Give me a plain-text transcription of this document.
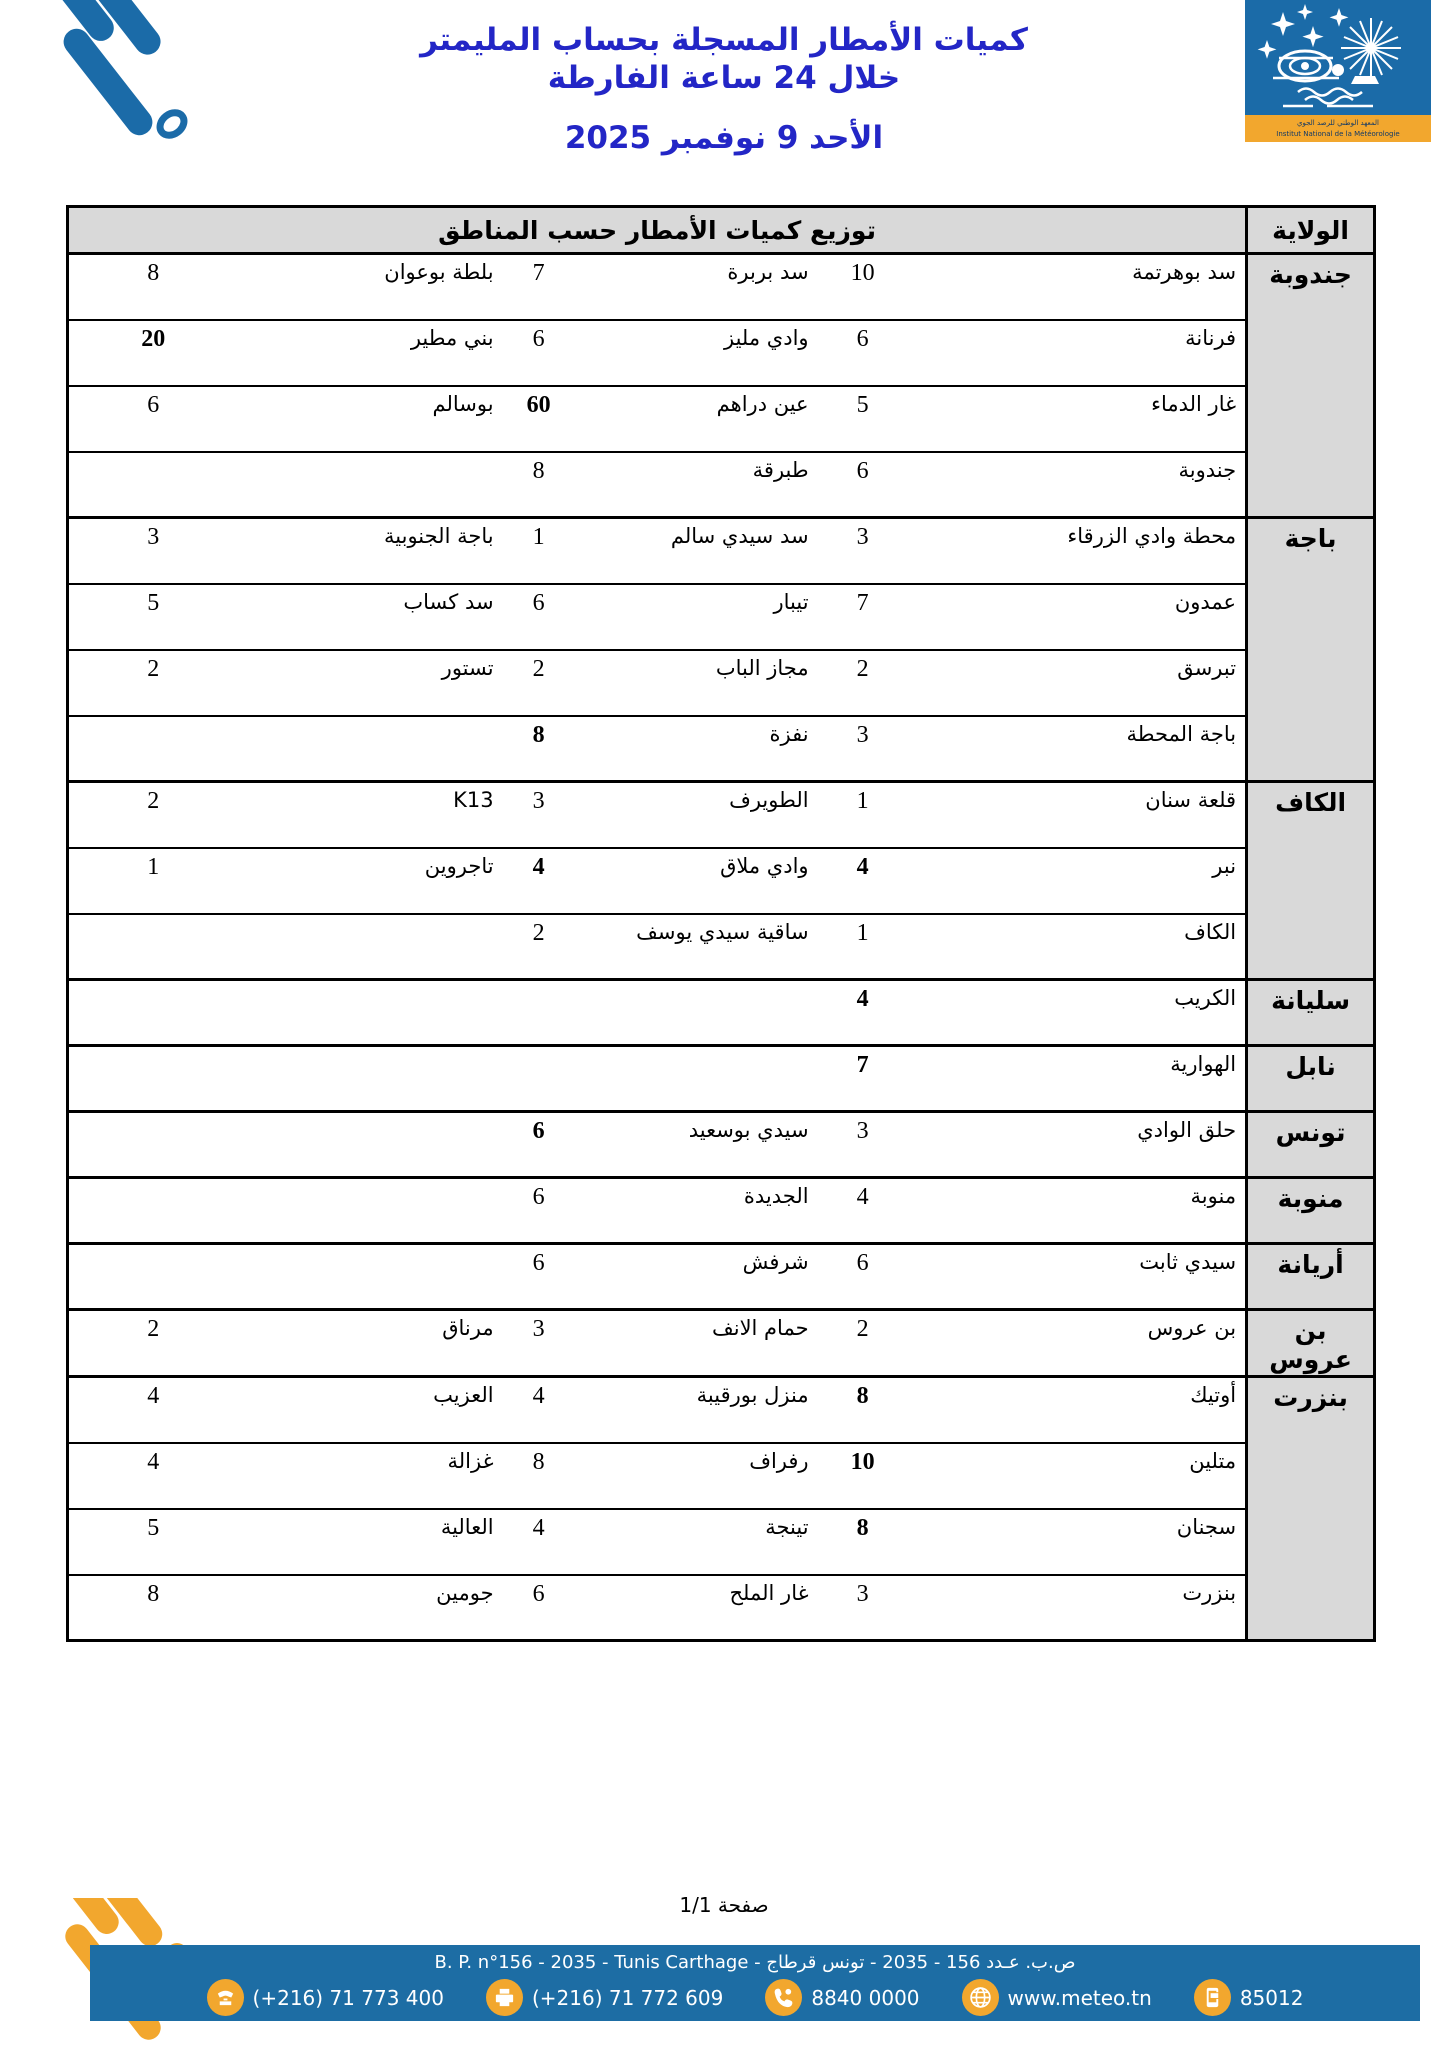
كميات الأمطار المسجلة بحساب المليمتر
خلال 24 ساعة الفارطة
الأحد 9 نوفمبر 2025	المعهد الوطني للرصد الجوي
Institut National de la Météorologie
الولاية	توزيع كميات الأمطار حسب المناطق					
جندوبة	سد بوهرتمة	10	سد بربرة	7	بلطة بوعوان	8
	فرنانة	6	وادي مليز	6	بني مطير	20
	غار الدماء	5	عين دراهم	60	بوسالم	6
	جندوبة	6	طبرقة	8		
باجة	محطة وادي الزرقاء	3	سد سيدي سالم	1	باجة الجنوبية	3
	عمدون	7	تيبار	6	سد كساب	5
	تبرسق	2	مجاز الباب	2	تستور	2
	باجة المحطة	3	نفزة	8		
الكاف	قلعة سنان	1	الطويرف	3	K13	2
	نبر	4	وادي ملاق	4	تاجروين	1
	الكاف	1	ساقية سيدي يوسف	2		
سليانة	الكريب	4				
نابل	الهوارية	7				
تونس	حلق الوادي	3	سيدي بوسعيد	6		
منوبة	منوبة	4	الجديدة	6		
أريانة	سيدي ثابت	6	شرفش	6		
بن عروس	بن عروس	2	حمام الانف	3	مرناق	2
بنزرت	أوتيك	8	منزل بورقيبة	4	العزيب	4
	متلين	10	رفراف	8	غزالة	4
	سجنان	8	تينجة	4	العالية	5
	بنزرت	3	غار الملح	6	جومين	8
صفحة 1/1
B. P. n°156 - 2035 - Tunis Carthage - ص.ب. عـدد 156 - 2035 - تونس قرطاج
(+216) 71 773 400	(+216) 71 772 609	8840 0000	www.meteo.tn	85012
